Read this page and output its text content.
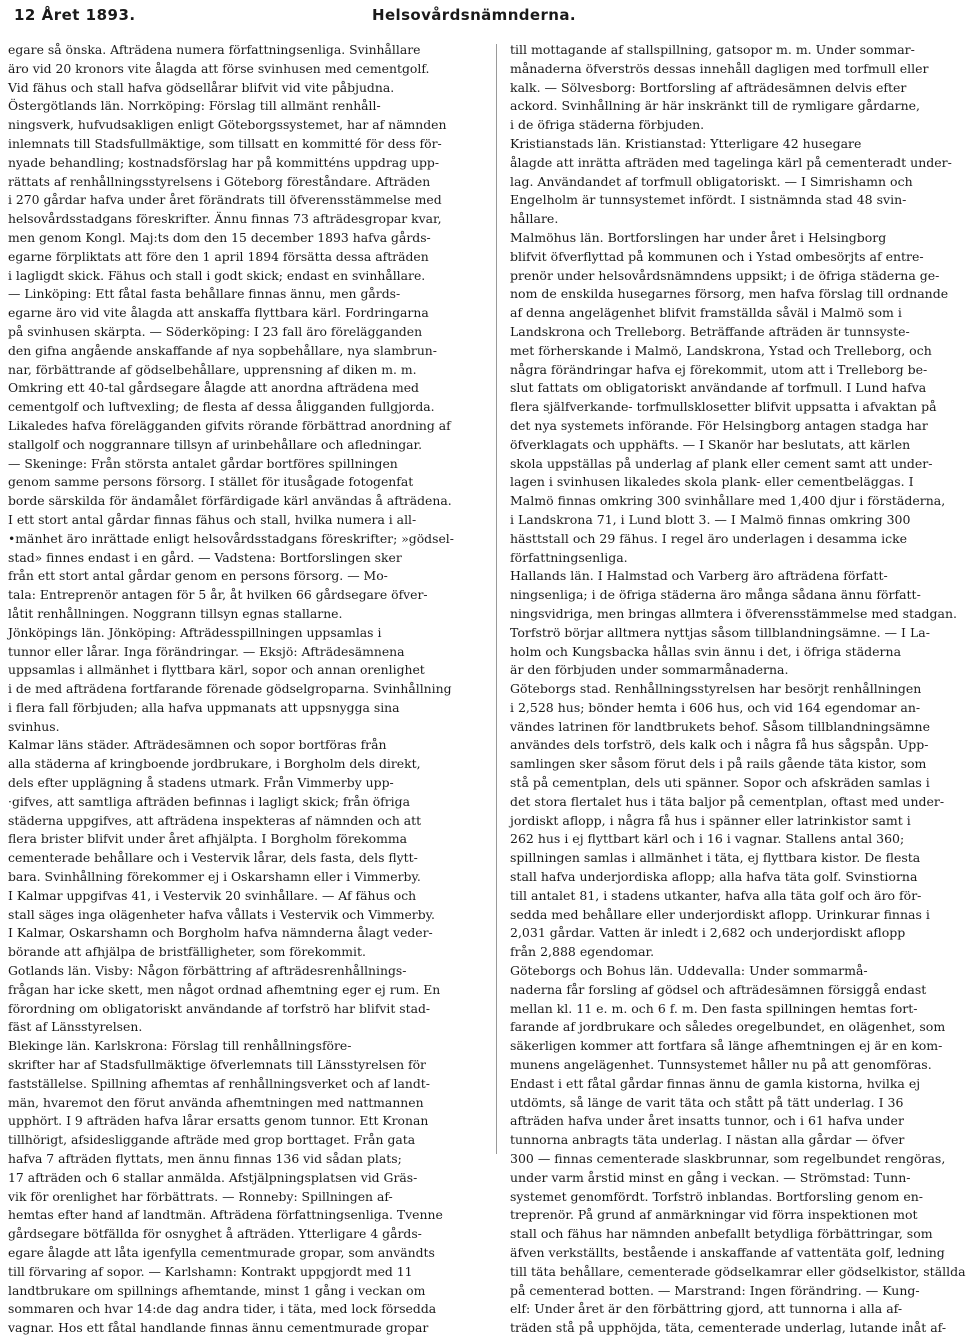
12 Året 1893.	Helsovårdsnämnderna.
egare så önska. Afträdena numera författningsenliga. Svinhållare
äro vid 20 kronors vite ålagda att förse svinhusen med cementgolf.
Vid fähus och stall hafva gödsellårar blifvit vid vite påbjudna.
Östergötlands län. Norrköping: Förslag till allmänt renhåll-
ningsverk, hufvudsakligen enligt Göteborgssystemet, har af nämnden
inlemnats till Stadsfullmäktige, som tillsatt en kommitté för dess för-
nyade behandling; kostnadsförslag har på kommitténs uppdrag upp-
rättats af renhållningsstyrelsens i Göteborg föreståndare. Afträden
i 270 gårdar hafva under året förändrats till öfverensstämmelse med
helsovårdsstadgans föreskrifter. Ännu finnas 73 afträdesgropar kvar,
men genom Kongl. Maj:ts dom den 15 december 1893 hafva gårds-
egarne förpliktats att före den 1 april 1894 försätta dessa afträden
i lagligdt skick. Fähus och stall i godt skick; endast en svinhållare.
— Linköping: Ett fåtal fasta behållare finnas ännu, men gårds-
egarne äro vid vite ålagda att anskaffa flyttbara kärl. Fordringarna
på svinhusen skärpta. — Söderköping: I 23 fall äro förelägganden
den gifna angående anskaffande af nya sopbehållare, nya slambrun-
nar, förbättrande af gödselbehållare, upprensning af diken m. m.
Omkring ett 40-tal gårdsegare ålagde att anordna afträdena med
cementgolf och luftvexling; de flesta af dessa åligganden fullgjorda.
Likaledes hafva förelägganden gifvits rörande förbättrad anordning af
stallgolf och noggrannare tillsyn af urinbehållare och afledningar.
— Skeninge: Från största antalet gårdar bortföres spillningen
genom samme persons försorg. I stället för itusågade fotogenfat
borde särskilda för ändamålet förfärdigade kärl användas å afträdena.
I ett stort antal gårdar finnas fähus och stall, hvilka numera i all-
•mänhet äro inrättade enligt helsovårdsstadgans föreskrifter; »gödsel-
stad» finnes endast i en gård. — Vadstena: Bortforslingen sker
från ett stort antal gårdar genom en persons försorg. — Mo-
tala: Entreprenör antagen för 5 år, åt hvilken 66 gårdsegare öfver-
låtit renhållningen. Noggrann tillsyn egnas stallarne.
Jönköpings län. Jönköping: Afträdesspillningen uppsamlas i
tunnor eller lårar. Inga förändringar. — Eksjö: Afträdesämnena
uppsamlas i allmänhet i flyttbara kärl, sopor och annan orenlighet
i de med afträdena fortfarande förenade gödselgroparna. Svinhållning
i flera fall förbjuden; alla hafva uppmanats att uppsnygga sina
svinhus.
Kalmar läns städer. Afträdesämnen och sopor bortföras från
alla städerna af kringboende jordbrukare, i Borgholm dels direkt,
dels efter upplägning å stadens utmark. Från Vimmerby upp-
·gifves, att samtliga afträden befinnas i lagligt skick; från öfriga
städerna uppgifves, att afträdena inspekteras af nämnden och att
flera brister blifvit under året afhjälpta. I Borgholm förekomma
cementerade behållare och i Vestervik lårar, dels fasta, dels flytt-
bara. Svinhållning förekommer ej i Oskarshamn eller i Vimmerby.
I Kalmar uppgifvas 41, i Vestervik 20 svinhållare. — Af fähus och
stall säges inga olägenheter hafva vållats i Vestervik och Vimmerby.
I Kalmar, Oskarshamn och Borgholm hafva nämnderna ålagt veder-
börande att afhjälpa de bristfälligheter, som förekommit.
Gotlands län. Visby: Någon förbättring af afträdesrenhållnings-
frågan har icke skett, men något ordnad afhemtning eger ej rum. En
förordning om obligatoriskt användande af torfströ har blifvit stad-
fäst af Länsstyrelsen.
Blekinge län. Karlskrona: Förslag till renhållningsföre-
skrifter har af Stadsfullmäktige öfverlemnats till Länsstyrelsen för
fastställelse. Spillning afhemtas af renhållningsverket och af landt-
män, hvaremot den förut använda afhemtningen med nattmannen
upphört. I 9 afträden hafva lårar ersatts genom tunnor. Ett Kronan
tillhörigt, afsidesliggande afträde med grop borttaget. Från gata
hafva 7 afträden flyttats, men ännu finnas 136 vid sådan plats;
17 afträden och 6 stallar anmälda. Afstjälpningsplatsen vid Gräs-
vik för orenlighet har förbättrats. — Ronneby: Spillningen af-
hemtas efter hand af landtmän. Afträdena författningsenliga. Tvenne
gårdsegare bötfällda för osnyghet å afträden. Ytterligare 4 gårds-
egare ålagde att låta igenfylla cementmurade gropar, som användts
till förvaring af sopor. — Karlshamn: Kontrakt uppgjordt med 11
landtbrukare om spillnings afhemtande, minst 1 gång i veckan om
sommaren och hvar 14:de dag andra tider, i täta, med lock försedda
vagnar. Hos ett fåtal handlande finnas ännu cementmurade gropar
till mottagande af stallspillning, gatsopor m. m. Under sommar-
månaderna öfverströs dessas innehåll dagligen med torfmull eller
kalk. — Sölvesborg: Bortforsling af afträdesämnen delvis efter
ackord. Svinhållning är här inskränkt till de rymligare gårdarne,
i de öfriga städerna förbjuden.
Kristianstads län. Kristianstad: Ytterligare 42 husegare
ålagde att inrätta afträden med tagelinga kärl på cementeradt under-
lag. Användandet af torfmull obligatoriskt. — I Simrishamn och
Engelholm är tunnsystemet infördt. I sistnämnda stad 48 svin-
hållare.
Malmöhus län. Bortforslingen har under året i Helsingborg
blifvit öfverflyttad på kommunen och i Ystad ombesörjts af entre-
prenör under helsovårdsnämndens uppsikt; i de öfriga städerna ge-
nom de enskilda husegarnes försorg, men hafva förslag till ordnande
af denna angelägenhet blifvit framställda såväl i Malmö som i
Landskrona och Trelleborg. Beträffande afträden är tunnsyste-
met förherskande i Malmö, Landskrona, Ystad och Trelleborg, och
några förändringar hafva ej förekommit, utom att i Trelleborg be-
slut fattats om obligatoriskt användande af torfmull. I Lund hafva
flera själfverkande- torfmullsklosetter blifvit uppsatta i afvaktan på
det nya systemets införande. För Helsingborg antagen stadga har
öfverklagats och upphäfts. — I Skanör har beslutats, att kärlen
skola uppställas på underlag af plank eller cement samt att under-
lagen i svinhusen likaledes skola plank- eller cementbeläggas. I
Malmö finnas omkring 300 svinhållare med 1,400 djur i förstäderna,
i Landskrona 71, i Lund blott 3. — I Malmö finnas omkring 300
hästtstall och 29 fähus. I regel äro underlagen i desamma icke
författningsenliga.
Hallands län. I Halmstad och Varberg äro afträdena författ-
ningsenliga; i de öfriga städerna äro många sådana ännu författ-
ningsvidriga, men bringas allmtera i öfverensstämmelse med stadgan.
Torfströ börjar alltmera nyttjas såsom tillblandningsämne. — I La-
holm och Kungsbacka hållas svin ännu i det, i öfriga städerna
är den förbjuden under sommarmånaderna.
Göteborgs stad. Renhållningsstyrelsen har besörjt renhållningen
i 2,528 hus; bönder hemta i 606 hus, och vid 164 egendomar an-
vändes latrinen för landtbrukets behof. Såsom tillblandningsämne
användes dels torfströ, dels kalk och i några få hus sågspån. Upp-
samlingen sker såsom förut dels i på rails gående täta kistor, som
stå på cementplan, dels uti spänner. Sopor och afskräden samlas i
det stora flertalet hus i täta baljor på cementplan, oftast med under-
jordiskt aflopp, i några få hus i spänner eller latrinkistor samt i
262 hus i ej flyttbart kärl och i 16 i vagnar. Stallens antal 360;
spillningen samlas i allmänhet i täta, ej flyttbara kistor. De flesta
stall hafva underjordiska aflopp; alla hafva täta golf. Svinstiorna
till antalet 81, i stadens utkanter, hafva alla täta golf och äro för-
sedda med behållare eller underjordiskt aflopp. Urinkurar finnas i
2,031 gårdar. Vatten är inledt i 2,682 och underjordiskt aflopp
från 2,888 egendomar.
Göteborgs och Bohus län. Uddevalla: Under sommarmå-
naderna får forsling af gödsel och afträdesämnen försiggå endast
mellan kl. 11 e. m. och 6 f. m. Den fasta spillningen hemtas fort-
farande af jordbrukare och således oregelbundet, en olägenhet, som
säkerligen kommer att fortfara så länge afhemtningen ej är en kom-
munens angelägenhet. Tunnsystemet håller nu på att genomföras.
Endast i ett fåtal gårdar finnas ännu de gamla kistorna, hvilka ej
utdömts, så länge de varit täta och stått på tätt underlag. I 36
afträden hafva under året insatts tunnor, och i 61 hafva under
tunnorna anbragts täta underlag. I nästan alla gårdar — öfver
300 — finnas cementerade slaskbrunnar, som regelbundet rengöras,
under varm årstid minst en gång i veckan. — Strömstad: Tunn-
systemet genomfördt. Torfströ inblandas. Bortforsling genom en-
treprenör. På grund af anmärkningar vid förra inspektionen mot
stall och fähus har nämnden anbefallt betydliga förbättringar, som
äfven verkställts, bestående i anskaffande af vattentäta golf, ledning
till täta behållare, cementerade gödselkamrar eller gödselkistor, ställda
på cementerad botten. — Marstrand: Ingen förändring. — Kung-
elf: Under året är den förbättring gjord, att tunnorna i alla af-
träden stå på upphöjda, täta, cementerade underlag, lutande inåt af-
